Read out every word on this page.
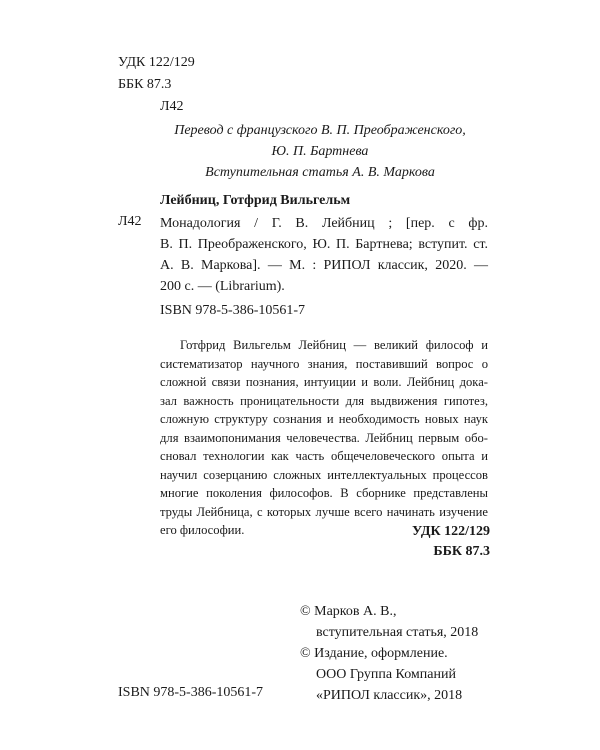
УДК 122/129
ББК 87.3
Л42
Перевод с французского В. П. Преображенского,
Ю. П. Бартнева
Вступительная статья А. В. Маркова
Лейбниц, Готфрид Вильгельм
Л42 Монадология / Г. В. Лейбниц ; [пер. с фр.
В. П. Преображенского, Ю. П. Бартнева; вступит. ст.
А. В. Маркова]. — М. : РИПОЛ классик, 2020. —
200 с. — (Librarium).
ISBN 978-5-386-10561-7
Готфрид Вильгельм Лейбниц — великий философ и
систематизатор научного знания, поставивший вопрос о
сложной связи познания, интуиции и воли. Лейбниц дока-
зал важность проницательности для выдвижения гипотез,
сложную структуру сознания и необходимость новых наук
для взаимопонимания человечества. Лейбниц первым обо-
сновал технологии как часть общечеловеческого опыта и
научил созерцанию сложных интеллектуальных процессов
многие поколения философов. В сборнике представлены
труды Лейбница, с которых лучше всего начинать изучение
его философии.	УДК 122/129
ББК 87.3
© Марков А. В.,
вступительная статья, 2018
© Издание, оформление.
ООО Группа Компаний
«РИПОЛ классик», 2018
ISBN 978-5-386-10561-7
